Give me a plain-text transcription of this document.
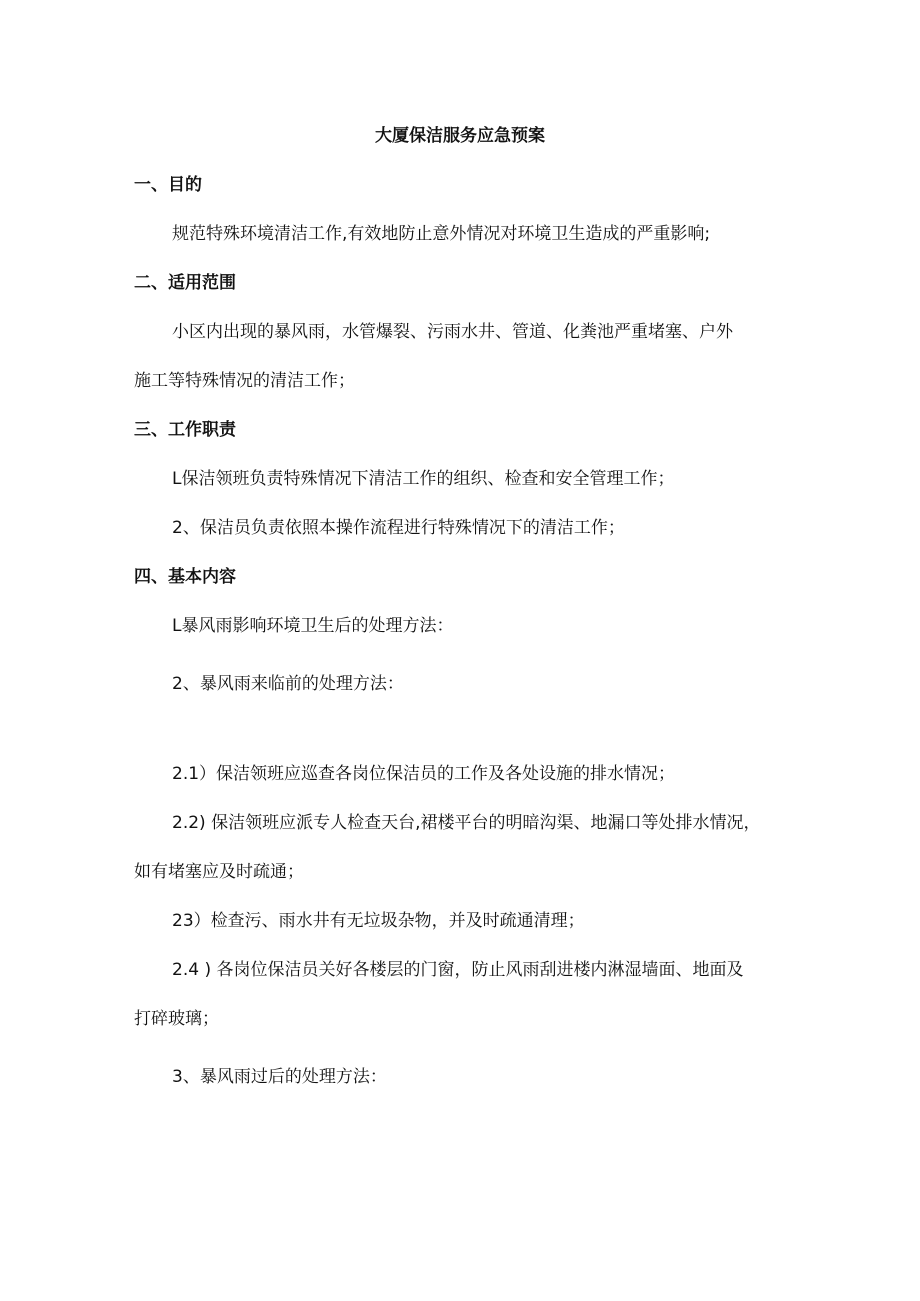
大厦保洁服务应急预案
一、目的
规范特殊环境清洁工作,有效地防止意外情况对环境卫生造成的严重影响;
二、适用范围
小区内出现的暴风雨，水管爆裂、污雨水井、管道、化粪池严重堵塞、户外
施工等特殊情况的清洁工作；
三、工作职责
L保洁领班负责特殊情况下清洁工作的组织、检查和安全管理工作；
2、保洁员负责依照本操作流程进行特殊情况下的清洁工作；
四、基本内容
L暴风雨影响环境卫生后的处理方法：
2、暴风雨来临前的处理方法：
2.1）保洁领班应巡查各岗位保洁员的工作及各处设施的排水情况；
2.2) 保洁领班应派专人检查天台,裙楼平台的明暗沟渠、地漏口等处排水情况，
如有堵塞应及时疏通；
23）检查污、雨水井有无垃圾杂物，并及时疏通清理；
2.4 ) 各岗位保洁员关好各楼层的门窗，防止风雨刮进楼内淋湿墙面、地面及
打碎玻璃；
3、暴风雨过后的处理方法：
